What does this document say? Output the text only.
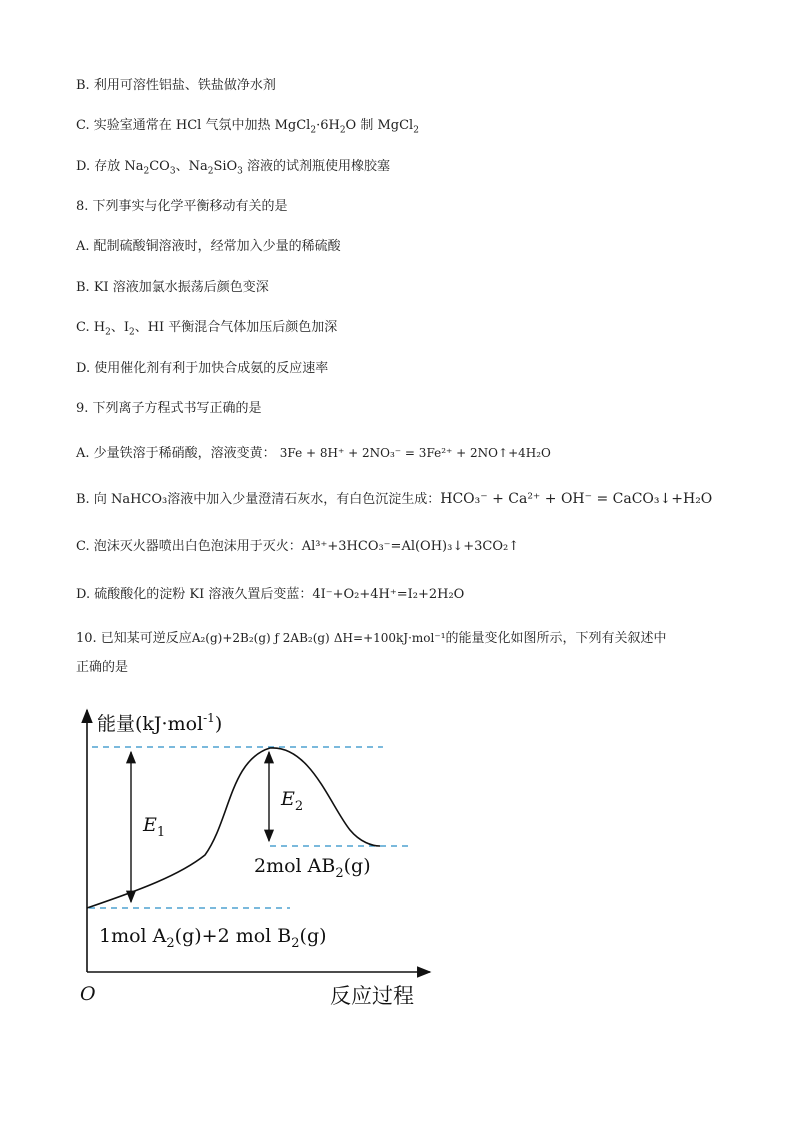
B. 利用可溶性铝盐、铁盐做净水剂
C. 实验室通常在 HCl 气氛中加热 $MgCl_2\cdot 6H_2O$ 制 MgCl$_2$
D. 存放 $Na_2CO_3$、$Na_2SiO_3$ 溶液的试剂瓶使用橡胶塞
8. 下列事实与化学平衡移动有关的是
A. 配制硫酸铜溶液时，经常加入少量的稀硫酸
B. KI 溶液加氯水振荡后颜色变深
C. $H_2$、$I_2$、HI 平衡混合气体加压后颜色加深
D. 使用催化剂有利于加快合成氨的反应速率
9. 下列离子方程式书写正确的是
A. 少量铁溶于稀硝酸，溶液变黄： 3Fe + 8H⁺ + 2NO₃⁻ = 3Fe²⁺ + 2NO↑+4H₂O
B. 向 NaHCO₃溶液中加入少量澄清石灰水，有白色沉淀生成：HCO₃⁻ + Ca²⁺ + OH⁻ = CaCO₃↓+H₂O
C. 泡沫灭火器喷出白色泡沫用于灭火：Al³⁺+3HCO₃⁻=Al(OH)₃↓+3CO₂↑
D. 硫酸酸化的淀粉 KI 溶液久置后变蓝：4I⁻+O₂+4H⁺=I₂+2H₂O
10. 已知某可逆反应A₂(g)+2B₂(g) ƒ 2AB₂(g) ΔH=+100kJ·mol⁻¹的能量变化如图所示，下列有关叙述中
正确的是
能量(kJ·mol$^{-1}$)
$E_1$
$E_2$
2mol $AB_2(g)$
1mol $A_2(g)+2$ mol $B_2(g)$
O	反应过程
